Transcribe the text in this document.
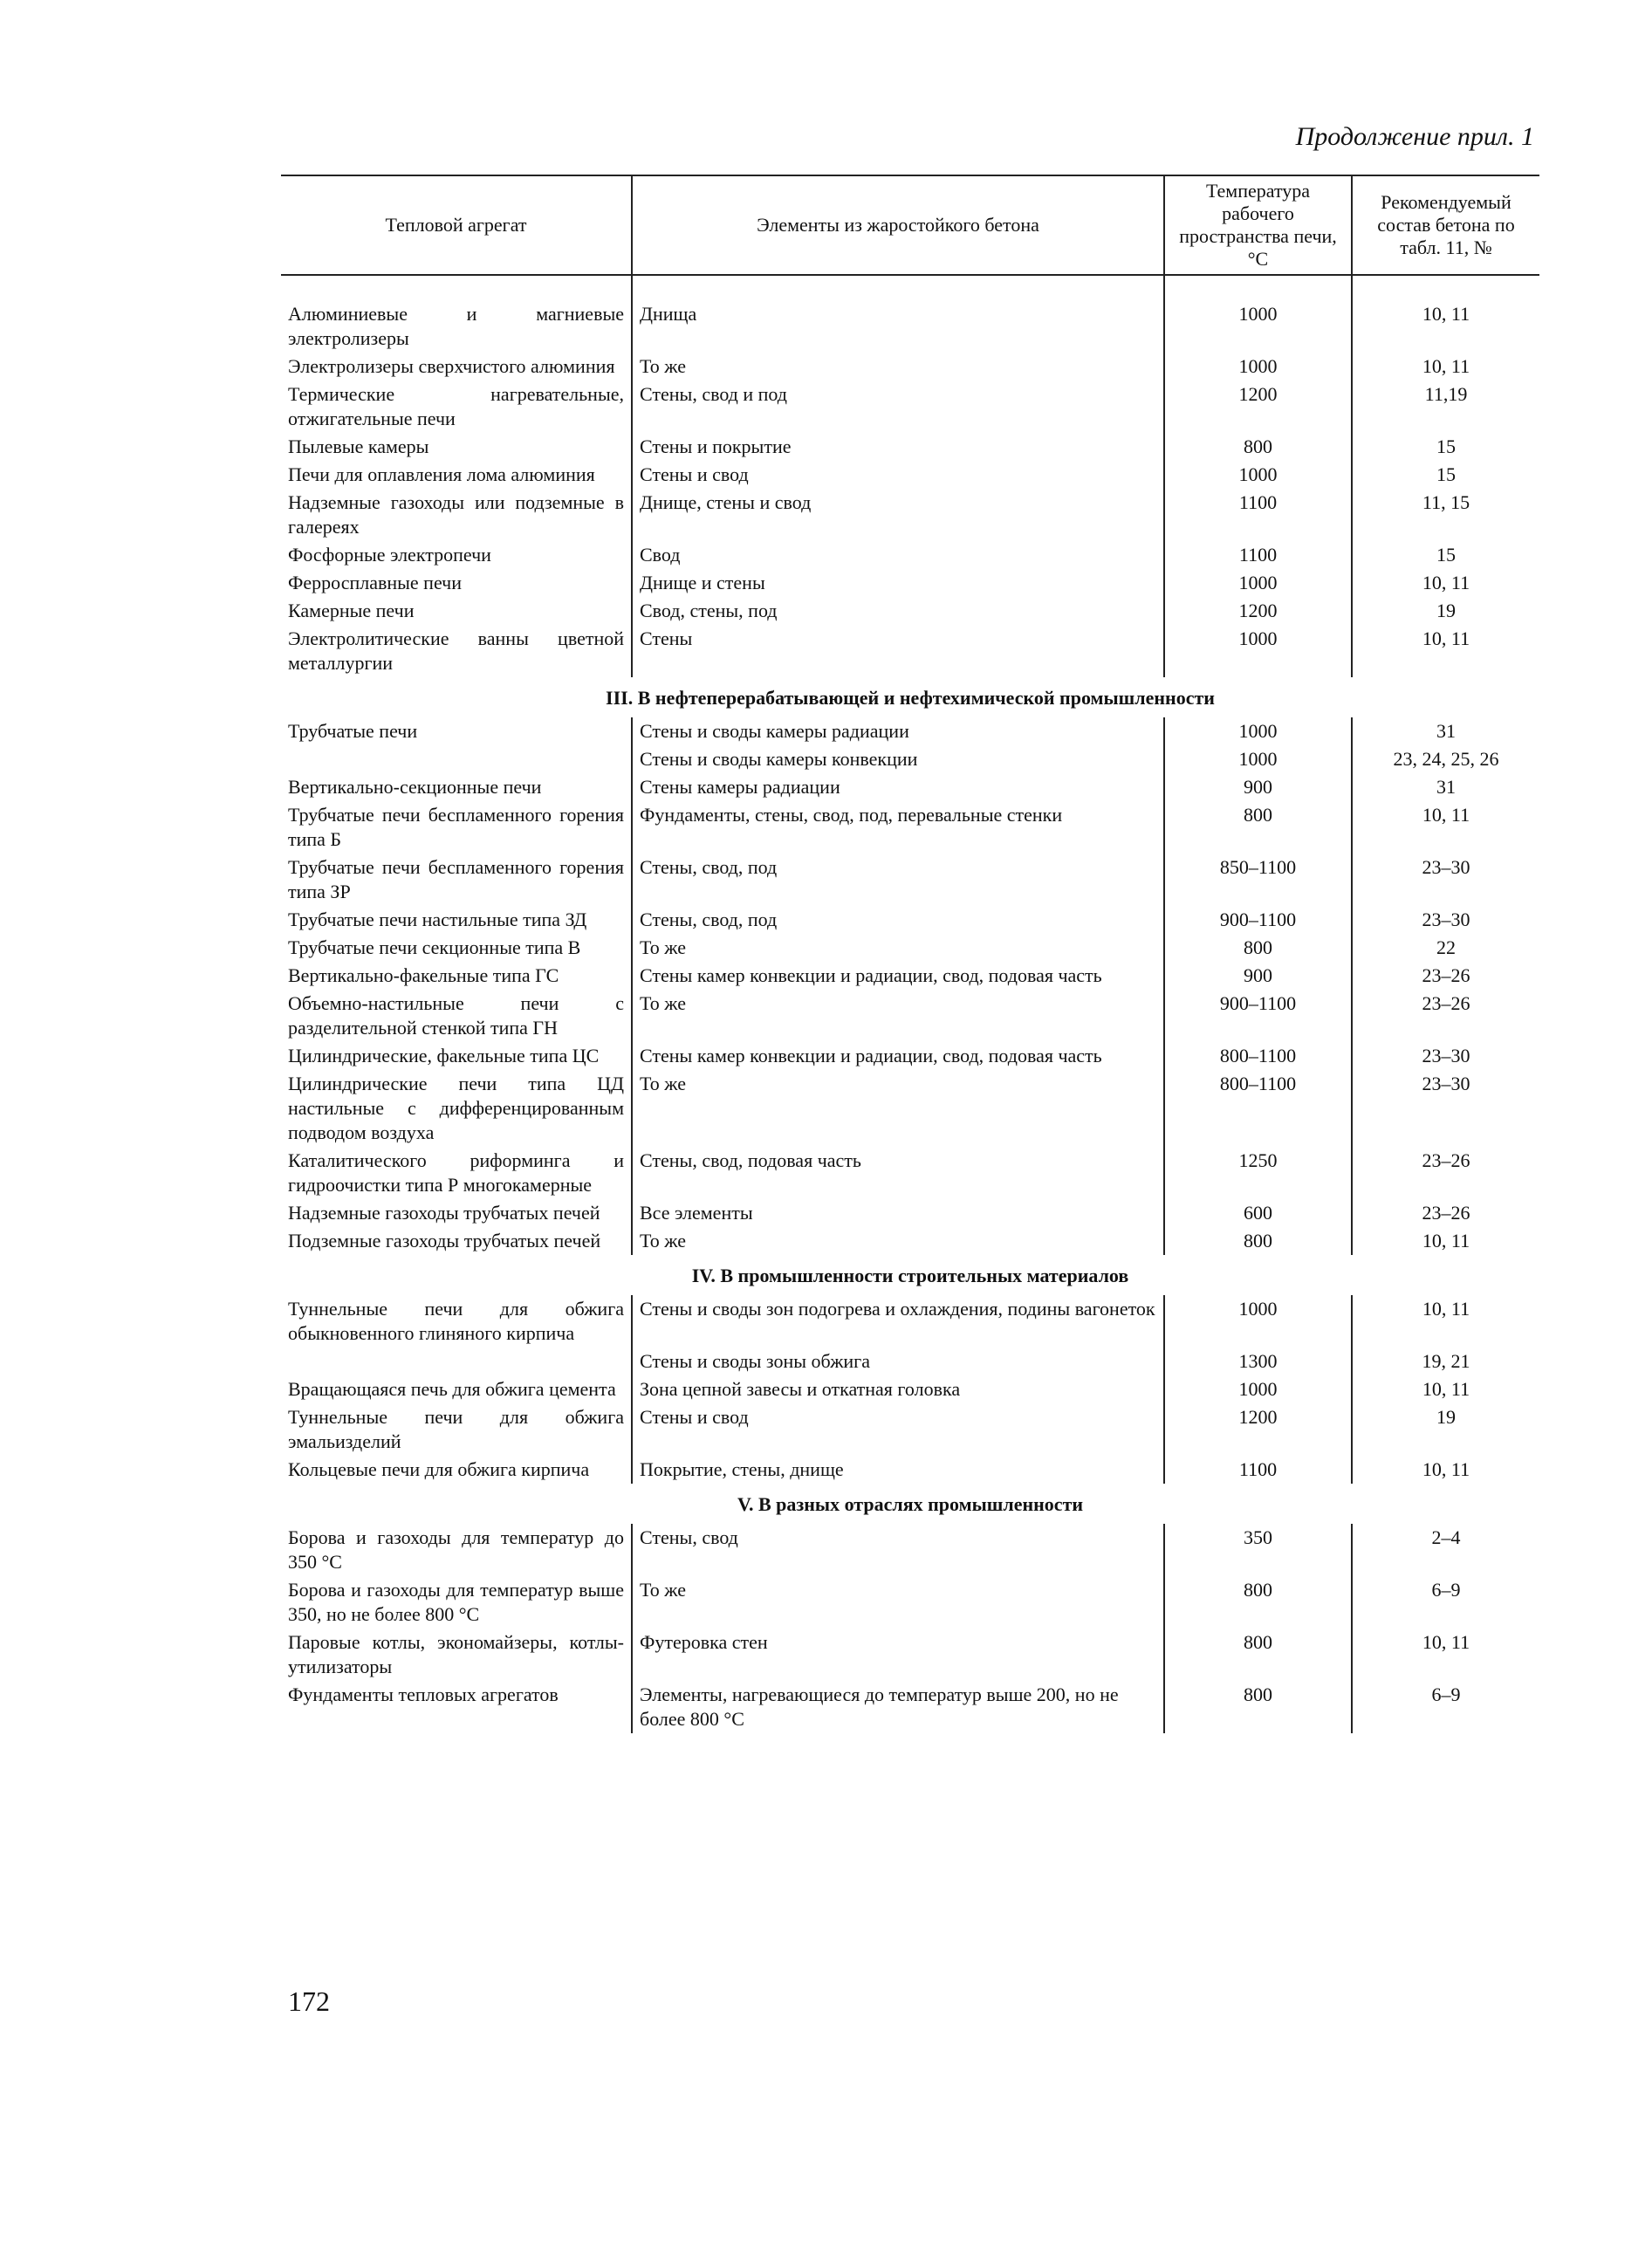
Продолжение прил. 1
Тепловой агрегат	Элементы из жаростойкого бетона	Температура рабочего пространства печи, °С	Рекомендуемый состав бетона по табл. 11, №

Алюминиевые и магниевые электролизеры	Днища	1000	10, 11
Электролизеры сверхчистого алюминия	То же	1000	10, 11
Термические нагревательные, отжигательные печи	Стены, свод и под	1200	11,19
Пылевые камеры	Стены и покрытие	800	15
Печи для оплавления лома алюминия	Стены и свод	1000	15
Надземные газоходы или подземные в галереях	Днище, стены и свод	1100	11, 15
Фосфорные электропечи	Свод	1100	15
Ферросплавные печи	Днище и стены	1000	10, 11
Камерные печи	Свод, стены, под	1200	19
Электролитические ванны цветной металлургии	Стены	1000	10, 11
III. В нефтеперерабатывающей и нефтехимической промышленности			
Трубчатые печи	Стены и своды камеры радиации	1000	31
	Стены и своды камеры конвекции	1000	23, 24, 25, 26
Вертикально-секционные печи	Стены камеры радиации	900	31
Трубчатые печи беспламенного горения типа Б	Фундаменты, стены, свод, под, перевальные стенки	800	10, 11
Трубчатые печи беспламенного горения типа ЗР	Стены, свод, под	850–1100	23–30
Трубчатые печи настильные типа ЗД	Стены, свод, под	900–1100	23–30
Трубчатые печи секционные типа В	То же	800	22
Вертикально-факельные типа ГС	Стены камер конвекции и радиации, свод, подовая часть	900	23–26
Объемно-настильные печи с разделительной стенкой типа ГН	То же	900–1100	23–26
Цилиндрические, факельные типа ЦС	Стены камер конвекции и радиации, свод, подовая часть	800–1100	23–30
Цилиндрические печи типа ЦД настильные с дифференцированным подводом воздуха	То же	800–1100	23–30
Каталитического риформинга и гидроочистки типа Р многокамерные	Стены, свод, подовая часть	1250	23–26
Надземные газоходы трубчатых печей	Все элементы	600	23–26
Подземные газоходы трубчатых печей	То же	800	10, 11
IV. В промышленности строительных материалов			
Туннельные печи для обжига обыкновенного глиняного кирпича	Стены и своды зон подогрева и охлаждения, подины вагонеток	1000	10, 11
	Стены и своды зоны обжига	1300	19, 21
Вращающаяся печь для обжига цемента	Зона цепной завесы и откатная головка	1000	10, 11
Туннельные печи для обжига эмальизделий	Стены и свод	1200	19
Кольцевые печи для обжига кирпича	Покрытие, стены, днище	1100	10, 11
V. В разных отраслях промышленности			
Борова и газоходы для температур до 350 °С	Стены, свод	350	2–4
Борова и газоходы для температур выше 350, но не более 800 °С	То же	800	6–9
Паровые котлы, экономайзеры, котлы-утилизаторы	Футеровка стен	800	10, 11
Фундаменты тепловых агрегатов	Элементы, нагревающиеся до температур выше 200, но не более 800 °С	800	6–9
172
